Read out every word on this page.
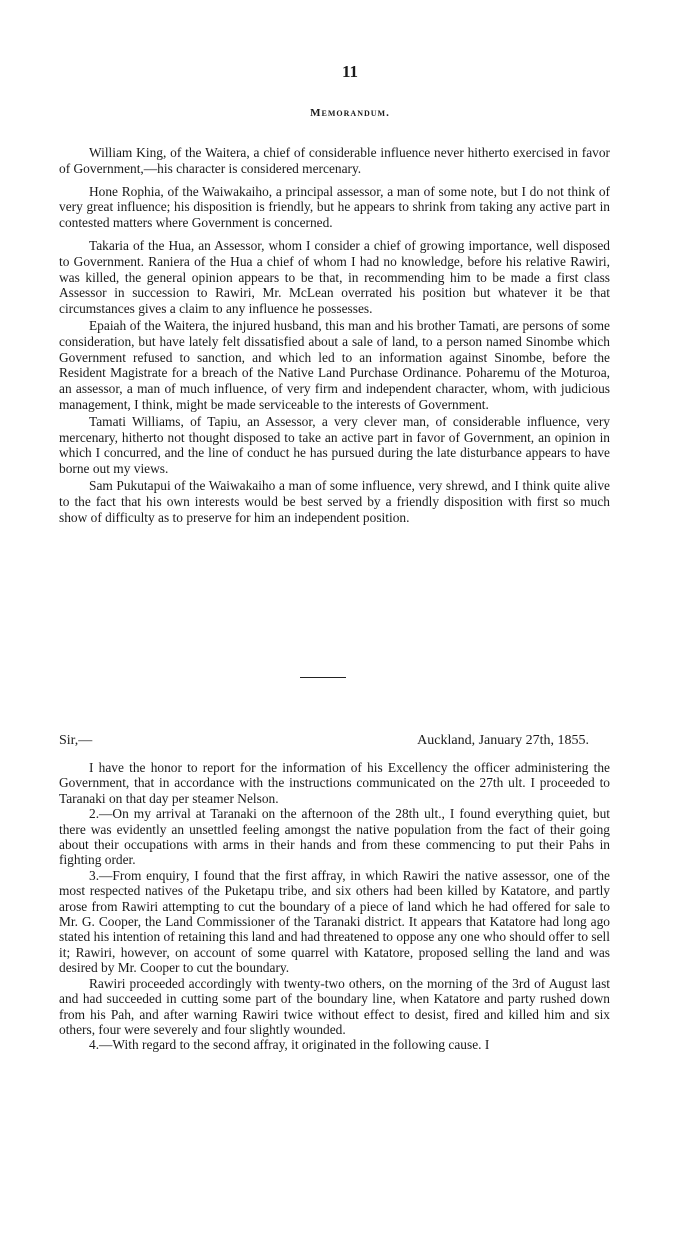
11
Memorandum.

William King, of the Waitera, a chief of considerable influence never hitherto exercised in favor of Government,—his character is considered mercenary.

Hone Rophia, of the Waiwakaiho, a principal assessor, a man of some note, but I do not think of very great influence; his disposition is friendly, but he appears to shrink from taking any active part in contested matters where Government is concerned.

Takaria of the Hua, an Assessor, whom I consider a chief of growing importance, well disposed to Government. Raniera of the Hua a chief of whom I had no knowledge, before his relative Rawiri, was killed, the general opinion appears to be that, in recommending him to be made a first class Assessor in succession to Rawiri, Mr. McLean overrated his position but whatever it be that circumstances gives a claim to any influence he possesses.

Epaiah of the Waitera, the injured husband, this man and his brother Tamati, are persons of some consideration, but have lately felt dissatisfied about a sale of land, to a person named Sinombe which Government refused to sanction, and which led to an information against Sinombe, before the Resident Magistrate for a breach of the Native Land Purchase Ordinance. Poharemu of the Moturoa, an assessor, a man of much influence, of very firm and independent character, whom, with judicious management, I think, might be made serviceable to the interests of Government.

Tamati Williams, of Tapiu, an Assessor, a very clever man, of considerable influence, very mercenary, hitherto not thought disposed to take an active part in favor of Government, an opinion in which I concurred, and the line of conduct he has pursued during the late disturbance appears to have borne out my views.

Sam Pukutapui of the Waiwakaiho a man of some influence, very shrewd, and I think quite alive to the fact that his own interests would be best served by a friendly disposition with first so much show of difficulty as to preserve for him an independent position.

Sir,—	Auckland, January 27th, 1855.

I have the honor to report for the information of his Excellency the officer administering the Government, that in accordance with the instructions communicated on the 27th ult. I proceeded to Taranaki on that day per steamer Nelson.

2.—On my arrival at Taranaki on the afternoon of the 28th ult., I found everything quiet, but there was evidently an unsettled feeling amongst the native population from the fact of their going about their occupations with arms in their hands and from these commencing to put their Pahs in fighting order.

3.—From enquiry, I found that the first affray, in which Rawiri the native assessor, one of the most respected natives of the Puketapu tribe, and six others had been killed by Katatore, and partly arose from Rawiri attempting to cut the boundary of a piece of land which he had offered for sale to Mr. G. Cooper, the Land Commissioner of the Taranaki district. It appears that Katatore had long ago stated his intention of retaining this land and had threatened to oppose any one who should offer to sell it; Rawiri, however, on account of some quarrel with Katatore, proposed selling the land and was desired by Mr. Cooper to cut the boundary.

Rawiri proceeded accordingly with twenty-two others, on the morning of the 3rd of August last and had succeeded in cutting some part of the boundary line, when Katatore and party rushed down from his Pah, and after warning Rawiri twice without effect to desist, fired and killed him and six others, four were severely and four slightly wounded.

4.—With regard to the second affray, it originated in the following cause. I
